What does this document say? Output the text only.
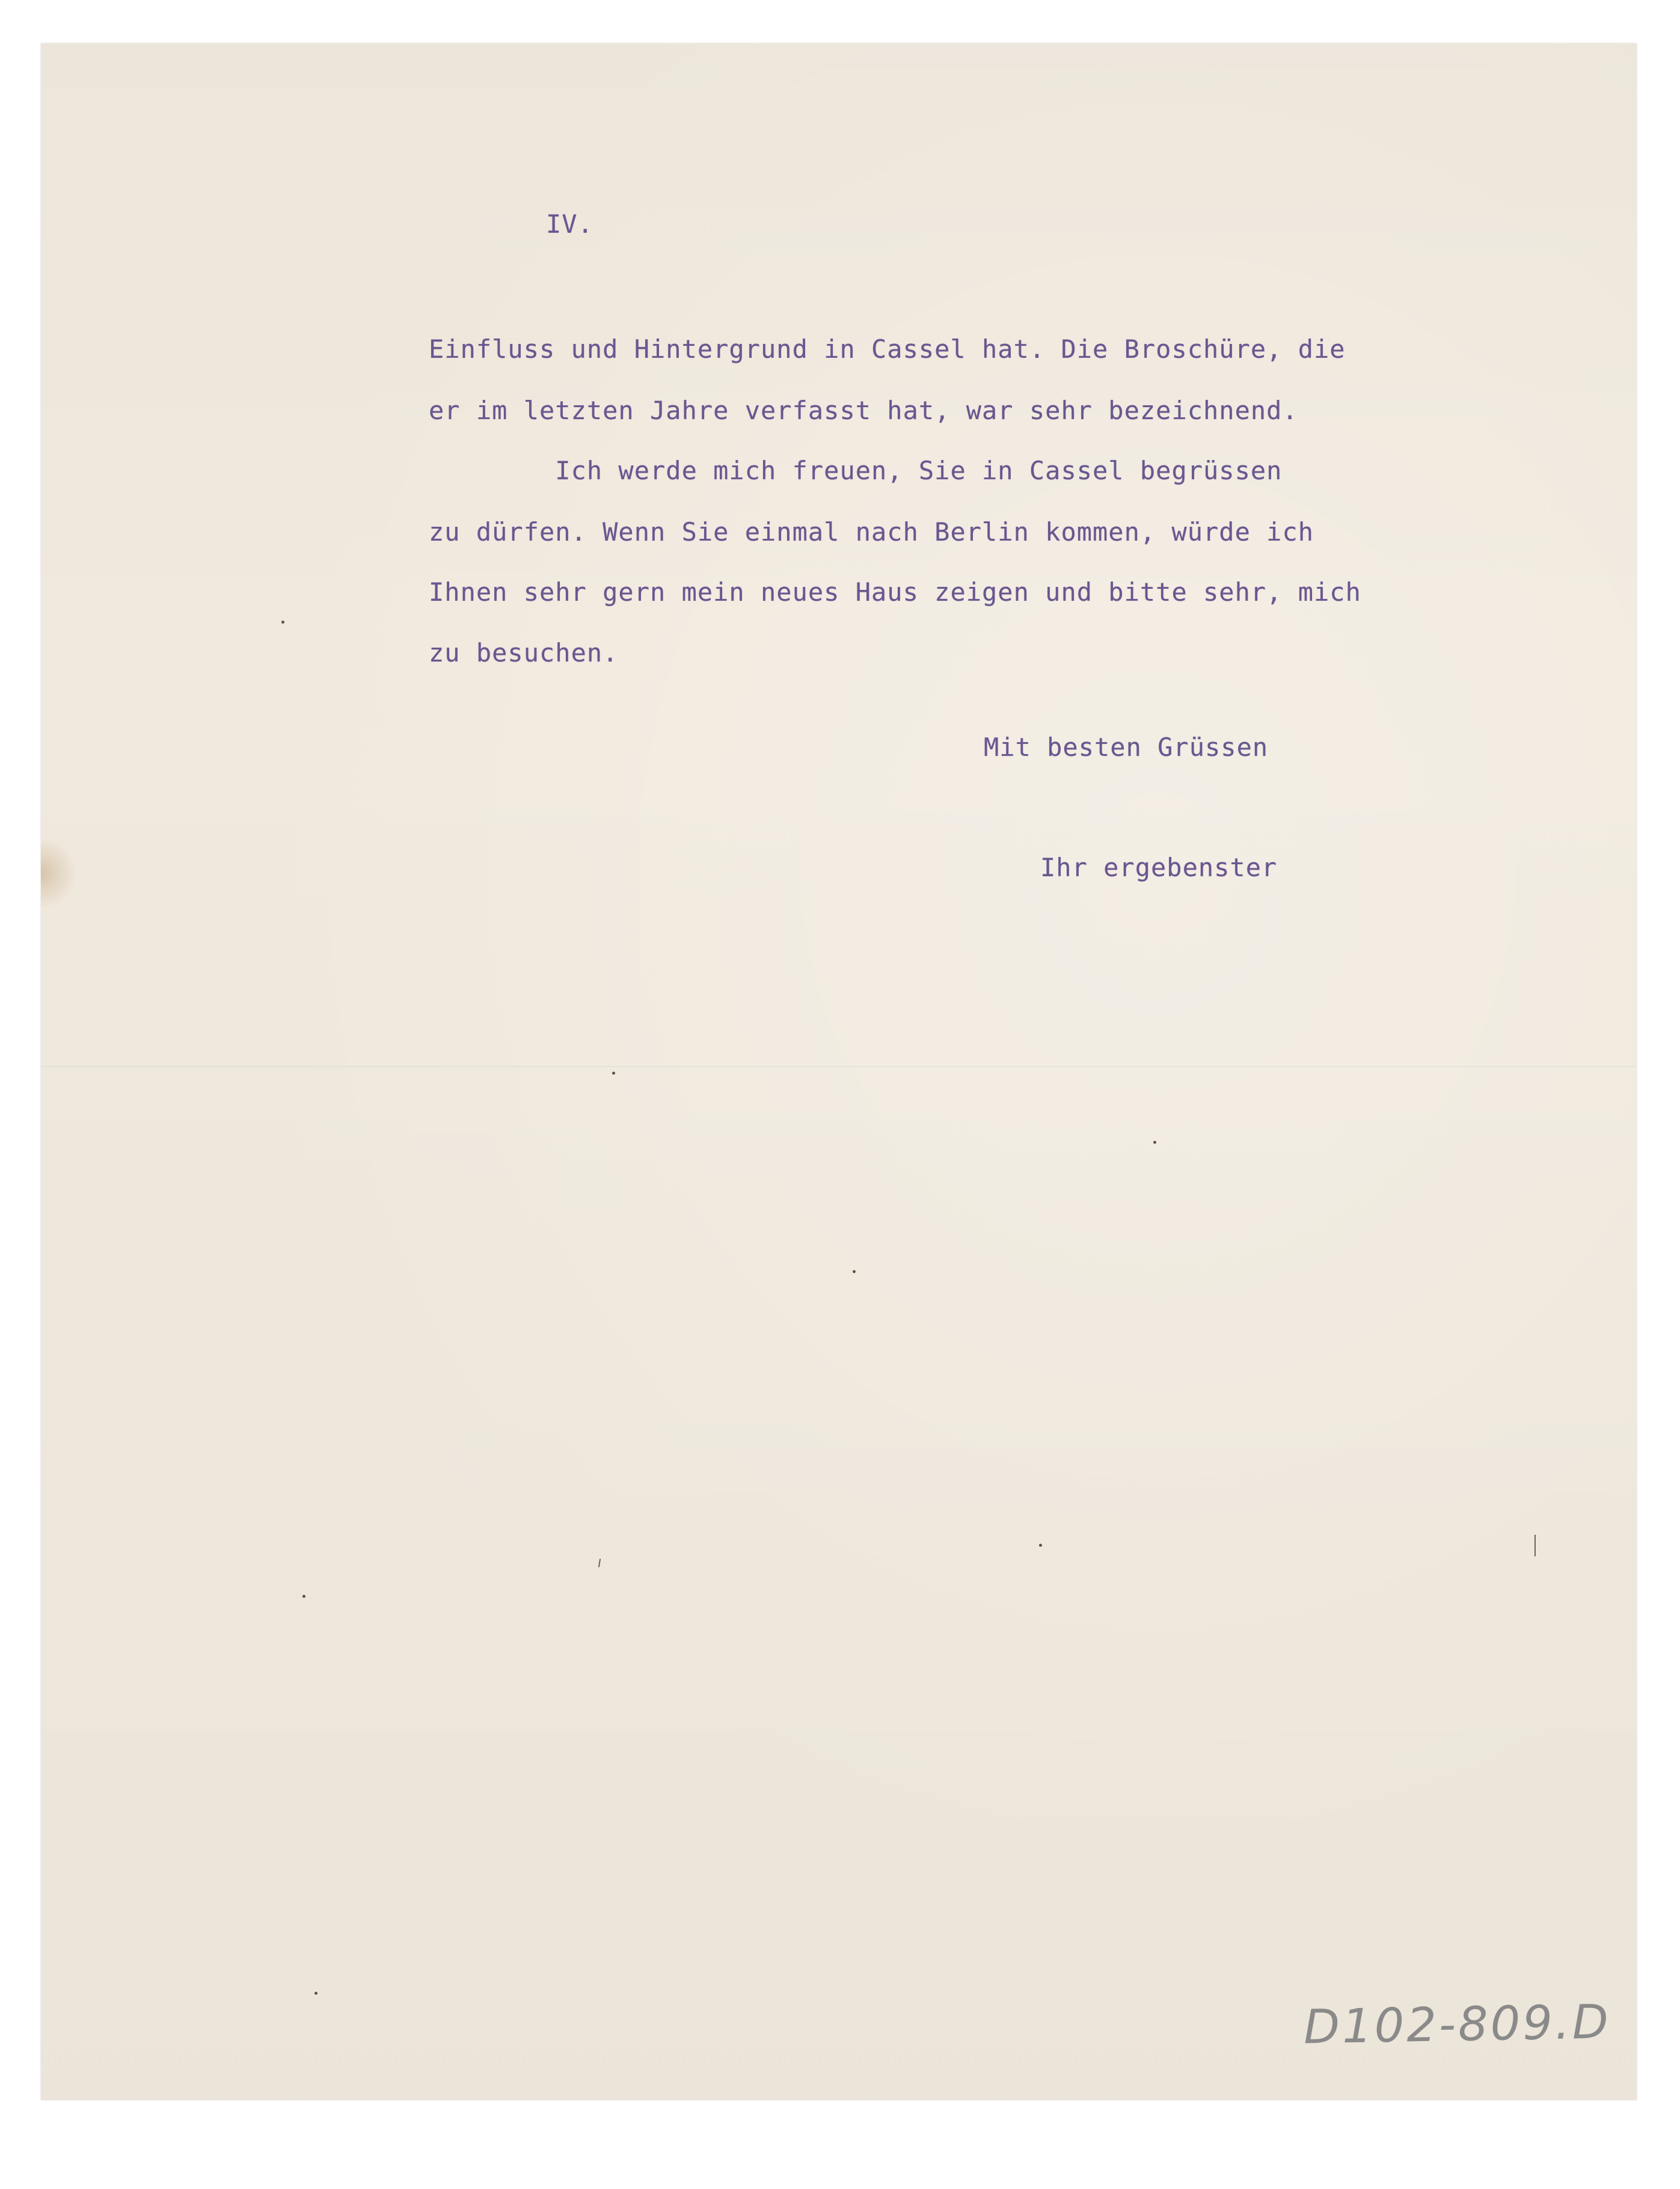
IV.
Einfluss und Hintergrund in Cassel hat. Die Broschüre, die
er im letzten Jahre verfasst hat, war sehr bezeichnend.
Ich werde mich freuen, Sie in Cassel begrüssen
zu dürfen. Wenn Sie einmal nach Berlin kommen, würde ich
Ihnen sehr gern mein neues Haus zeigen und bitte sehr, mich
zu besuchen.
Mit besten Grüssen
Ihr ergebenster
D102-809.D
